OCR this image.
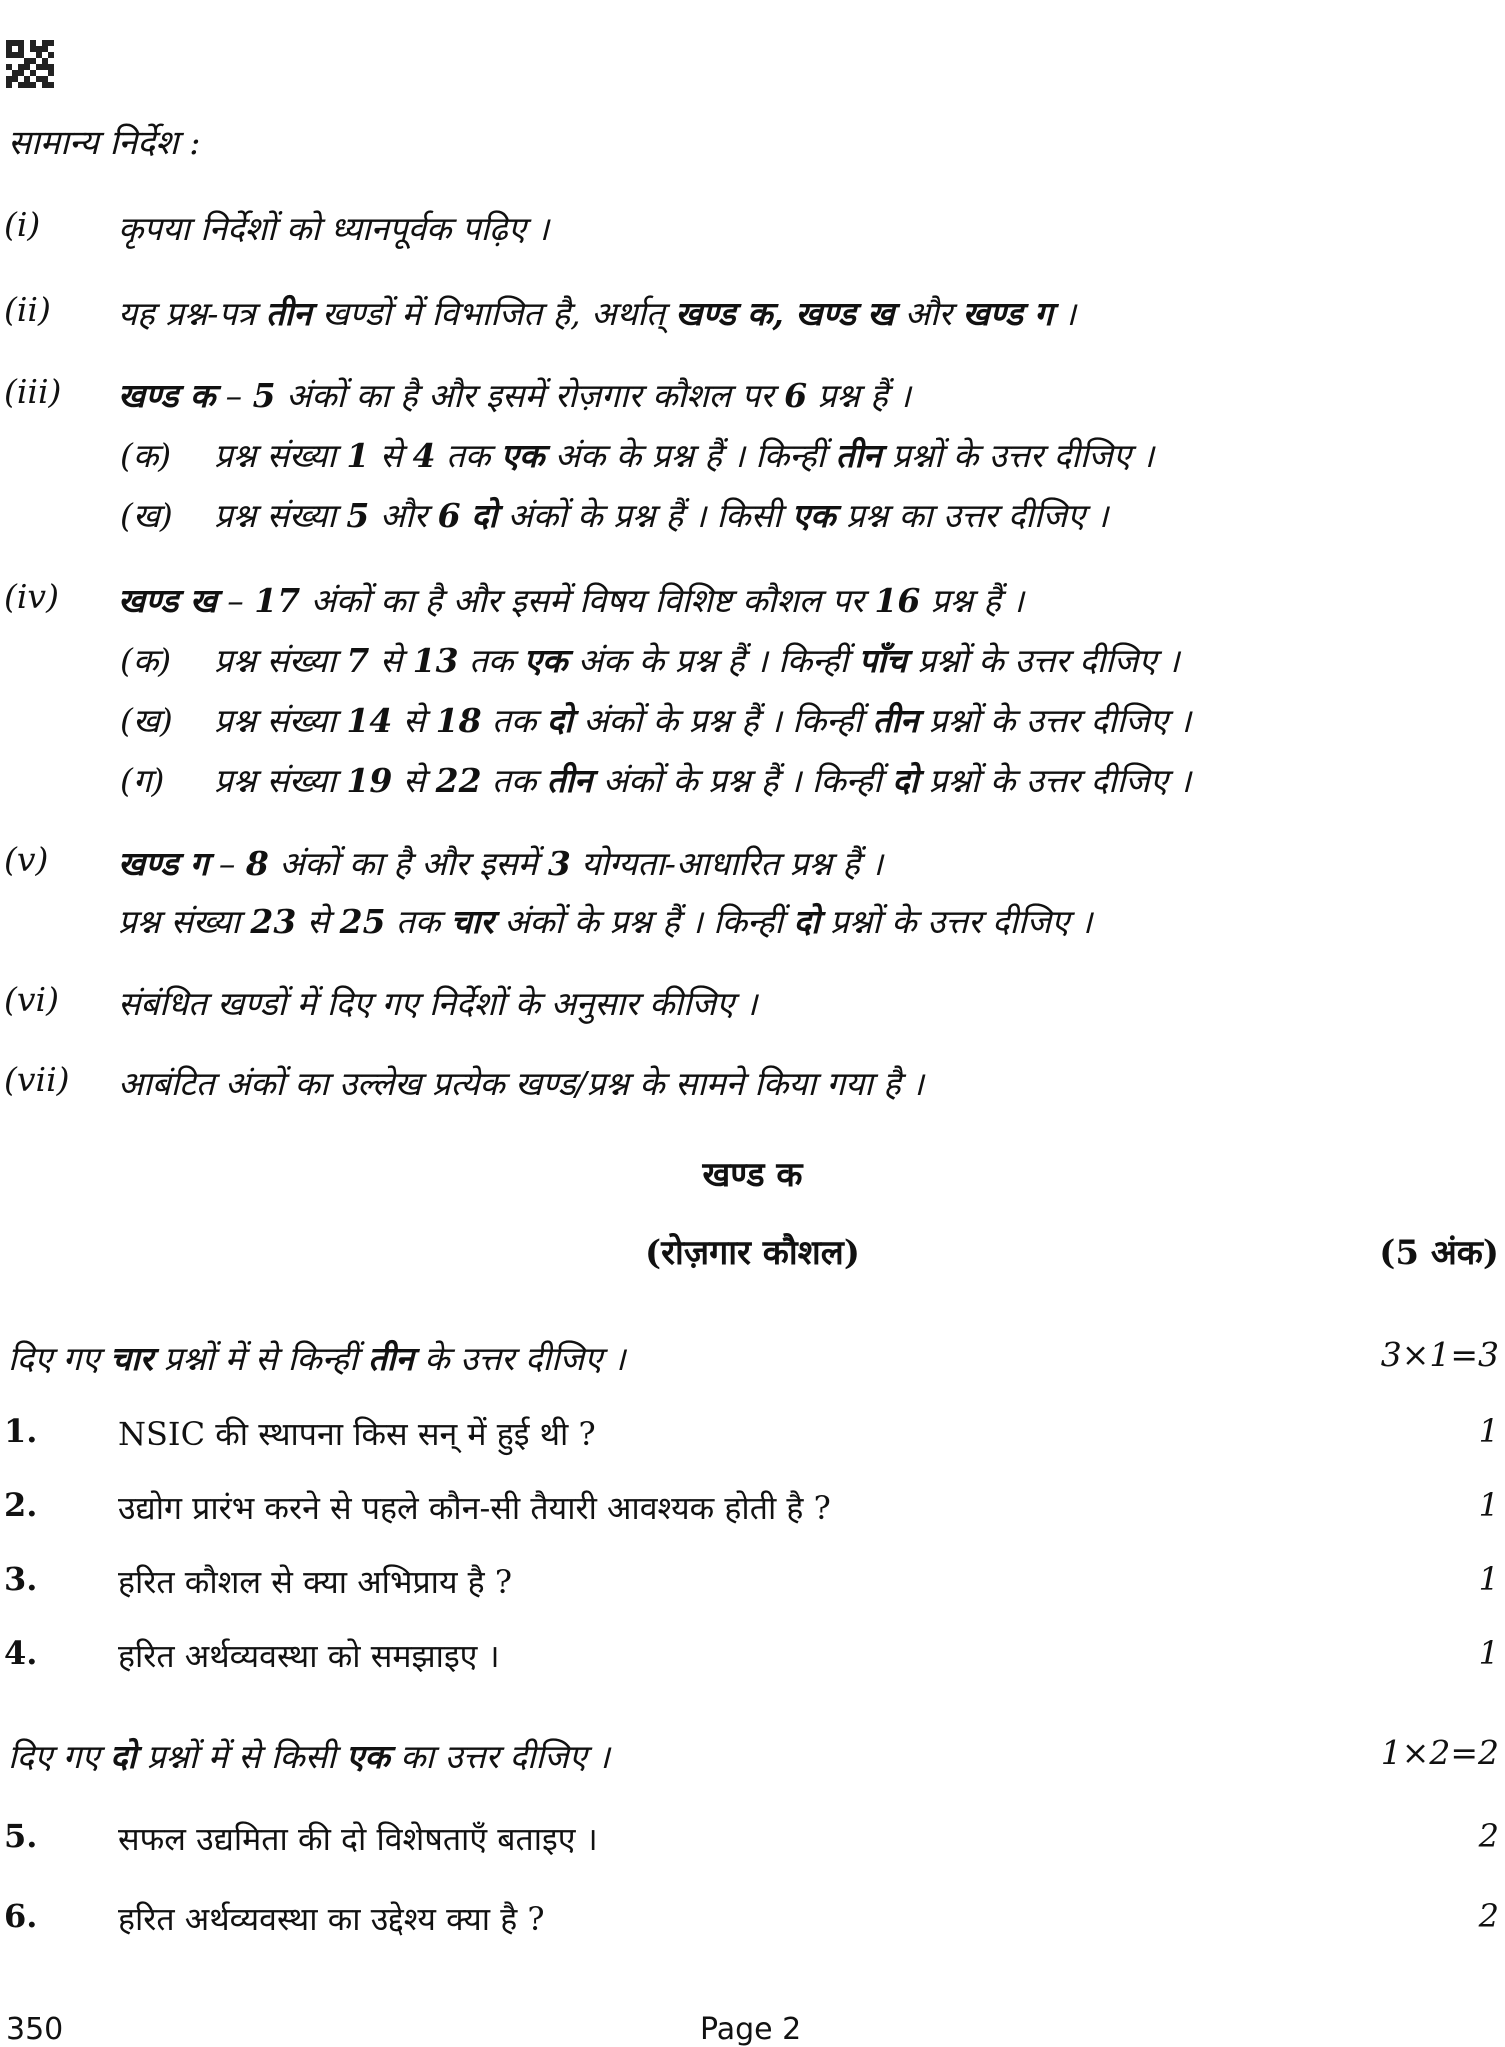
सामान्य निर्देश :
(i) कृपया निर्देशों को ध्यानपूर्वक पढ़िए ।
(ii) यह प्रश्न-पत्र तीन खण्डों में विभाजित है, अर्थात् खण्ड क, खण्ड ख और खण्ड ग ।
(iii) खण्ड क – 5 अंकों का है और इसमें रोज़गार कौशल पर 6 प्रश्न हैं ।
(क) प्रश्न संख्या 1 से 4 तक एक अंक के प्रश्न हैं । किन्हीं तीन प्रश्नों के उत्तर दीजिए ।
(ख) प्रश्न संख्या 5 और 6 दो अंकों के प्रश्न हैं । किसी एक प्रश्न का उत्तर दीजिए ।
(iv) खण्ड ख – 17 अंकों का है और इसमें विषय विशिष्ट कौशल पर 16 प्रश्न हैं ।
(क) प्रश्न संख्या 7 से 13 तक एक अंक के प्रश्न हैं । किन्हीं पाँच प्रश्नों के उत्तर दीजिए ।
(ख) प्रश्न संख्या 14 से 18 तक दो अंकों के प्रश्न हैं । किन्हीं तीन प्रश्नों के उत्तर दीजिए ।
(ग) प्रश्न संख्या 19 से 22 तक तीन अंकों के प्रश्न हैं । किन्हीं दो प्रश्नों के उत्तर दीजिए ।
(v) खण्ड ग – 8 अंकों का है और इसमें 3 योग्यता-आधारित प्रश्न हैं ।
प्रश्न संख्या 23 से 25 तक चार अंकों के प्रश्न हैं । किन्हीं दो प्रश्नों के उत्तर दीजिए ।
(vi) संबंधित खण्डों में दिए गए निर्देशों के अनुसार कीजिए ।
(vii) आबंटित अंकों का उल्लेख प्रत्येक खण्ड/प्रश्न के सामने किया गया है ।
खण्ड क
(रोज़गार कौशल)	(5 अंक)
दिए गए चार प्रश्नों में से किन्हीं तीन के उत्तर दीजिए ।	3×1=3
1.	NSIC की स्थापना किस सन् में हुई थी ?	1
2.	उद्योग प्रारंभ करने से पहले कौन-सी तैयारी आवश्यक होती है ?	1
3.	हरित कौशल से क्या अभिप्राय है ?	1
4.	हरित अर्थव्यवस्था को समझाइए ।	1
दिए गए दो प्रश्नों में से किसी एक का उत्तर दीजिए ।	1×2=2
5.	सफल उद्यमिता की दो विशेषताएँ बताइए ।	2
6.	हरित अर्थव्यवस्था का उद्देश्य क्या है ?	2
350	Page 2
